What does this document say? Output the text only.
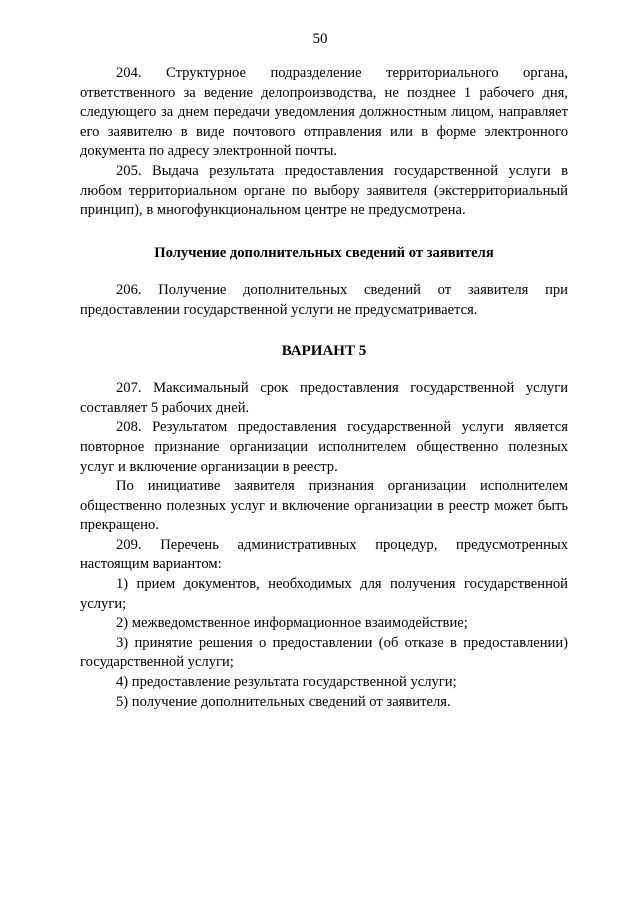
50

204. Структурное подразделение территориального органа, ответственного за ведение делопроизводства, не позднее 1 рабочего дня, следующего за днем передачи уведомления должностным лицом, направляет его заявителю в виде почтового отправления или в форме электронного документа по адресу электронной почты.

205. Выдача результата предоставления государственной услуги в любом территориальном органе по выбору заявителя (экстерриториальный принцип), в многофункциональном центре не предусмотрена.

Получение дополнительных сведений от заявителя

206. Получение дополнительных сведений от заявителя при предоставлении государственной услуги не предусматривается.

ВАРИАНТ 5

207. Максимальный срок предоставления государственной услуги составляет 5 рабочих дней.

208. Результатом предоставления государственной услуги является повторное признание организации исполнителем общественно полезных услуг и включение организации в реестр.

По инициативе заявителя признания организации исполнителем общественно полезных услуг и включение организации в реестр может быть прекращено.

209. Перечень административных процедур, предусмотренных настоящим вариантом:

1) прием документов, необходимых для получения государственной услуги;

2) межведомственное информационное взаимодействие;

3) принятие решения о предоставлении (об отказе в предоставлении) государственной услуги;

4) предоставление результата государственной услуги;

5) получение дополнительных сведений от заявителя.
